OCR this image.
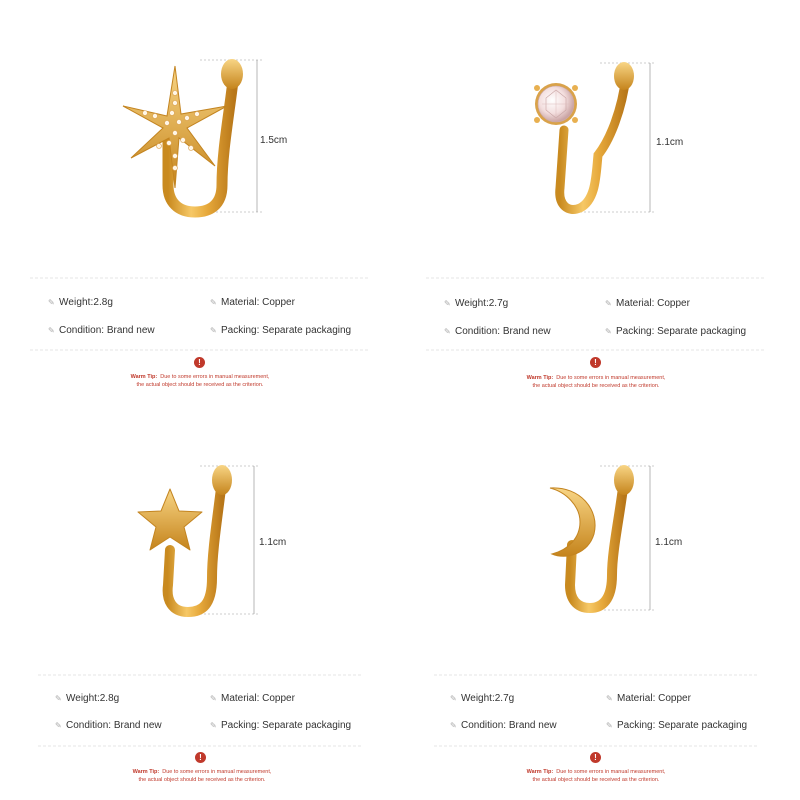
1.5cm
✎ Weight:2.8g	✎ Material: Copper
✎ Condition: Brand new	✎ Packing: Separate packaging
!
Warm Tip: Due to some errors in manual measurement,
the actual object should be received as the criterion.
1.1cm
✎ Weight:2.7g	✎ Material: Copper
✎ Condition: Brand new	✎ Packing: Separate packaging
!
Warm Tip: Due to some errors in manual measurement,
the actual object should be received as the criterion.
1.1cm
✎ Weight:2.8g	✎ Material: Copper
✎ Condition: Brand new	✎ Packing: Separate packaging
!
Warm Tip: Due to some errors in manual measurement,
the actual object should be received as the criterion.
1.1cm
✎ Weight:2.7g	✎ Material: Copper
✎ Condition: Brand new	✎ Packing: Separate packaging
!
Warm Tip: Due to some errors in manual measurement,
the actual object should be received as the criterion.
